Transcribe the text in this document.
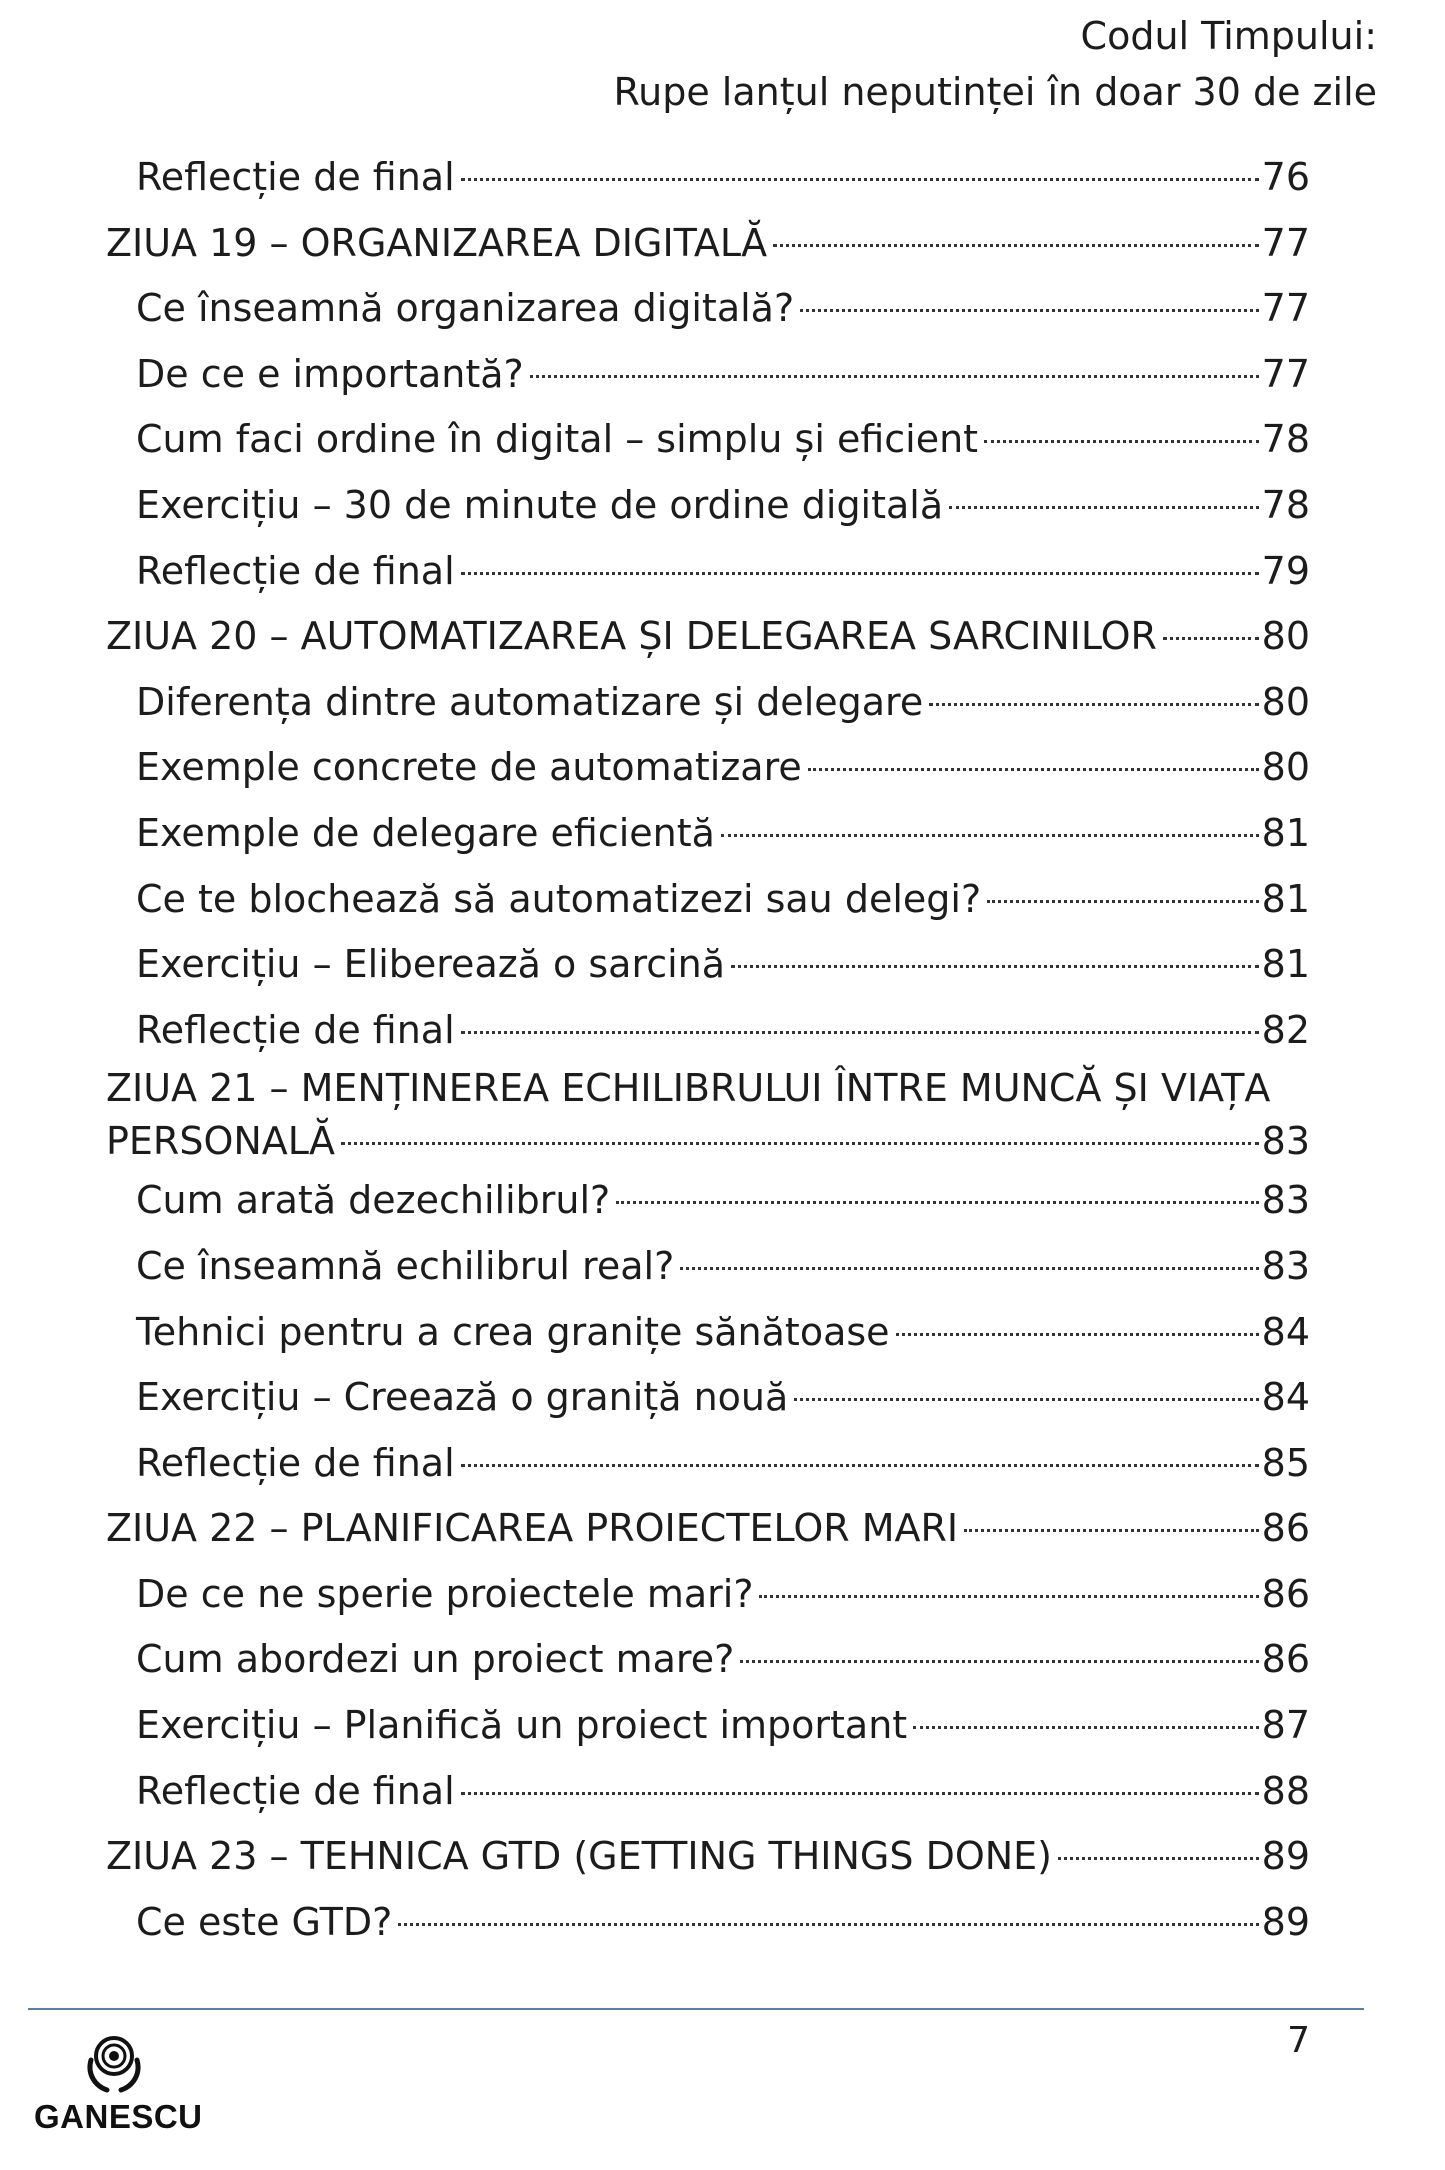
Codul Timpului:
Rupe lanțul neputinței în doar 30 de zile
Reflecție de final	76
ZIUA 19 – ORGANIZAREA DIGITALĂ	77
Ce înseamnă organizarea digitală?	77
De ce e importantă?	77
Cum faci ordine în digital – simplu și eficient	78
Exercițiu – 30 de minute de ordine digitală	78
Reflecție de final	79
ZIUA 20 – AUTOMATIZAREA ȘI DELEGAREA SARCINILOR	80
Diferența dintre automatizare și delegare	80
Exemple concrete de automatizare	80
Exemple de delegare eficientă	81
Ce te blochează să automatizezi sau delegi?	81
Exercițiu – Eliberează o sarcină	81
Reflecție de final	82
ZIUA 21 – MENȚINEREA ECHILIBRULUI ÎNTRE MUNCĂ ȘI VIAȚA
PERSONALĂ	83
Cum arată dezechilibrul?	83
Ce înseamnă echilibrul real?	83
Tehnici pentru a crea granițe sănătoase	84
Exercițiu – Creează o graniță nouă	84
Reflecție de final	85
ZIUA 22 – PLANIFICAREA PROIECTELOR MARI	86
De ce ne sperie proiectele mari?	86
Cum abordezi un proiect mare?	86
Exercițiu – Planifică un proiect important	87
Reflecție de final	88
ZIUA 23 – TEHNICA GTD (GETTING THINGS DONE)	89
Ce este GTD?	89
7
GANESCU
